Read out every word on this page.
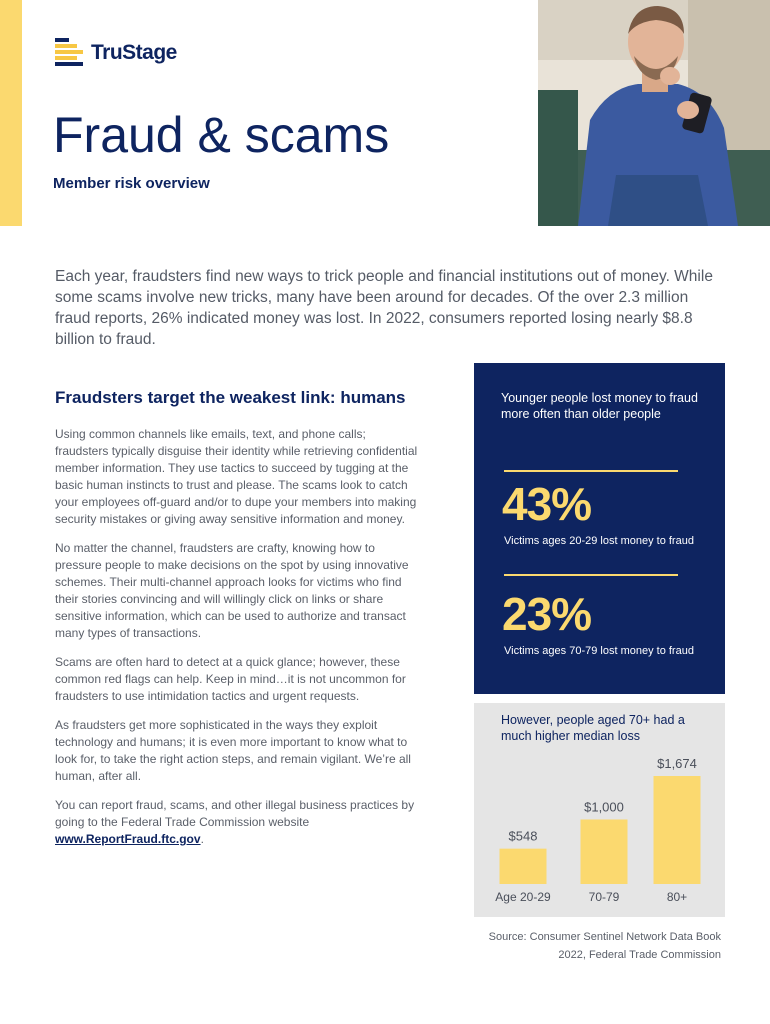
TruStage
Fraud & scams

Member risk overview

Each year, fraudsters find new ways to trick people and financial institutions out of money. While some scams involve new tricks, many have been around for decades. Of the over 2.3 million fraud reports, 26% indicated money was lost. In 2022, consumers reported losing nearly $8.8 billion to fraud.

Fraudsters target the weakest link: humans

Using common channels like emails, text, and phone calls; fraudsters typically disguise their identity while retrieving confidential member information. They use tactics to succeed by tugging at the basic human instincts to trust and please. The scams look to catch your employees off-guard and/or to dupe your members into making security mistakes or giving away sensitive information and money.

No matter the channel, fraudsters are crafty, knowing how to pressure people to make decisions on the spot by using innovative schemes. Their multi-channel approach looks for victims who find their stories convincing and will willingly click on links or share sensitive information, which can be used to authorize and transact many types of transactions.

Scams are often hard to detect at a quick glance; however, these common red flags can help. Keep in mind…it is not uncommon for fraudsters to use intimidation tactics and urgent requests.

As fraudsters get more sophisticated in the ways they exploit technology and humans; it is even more important to know what to look for, to take the right action steps, and remain vigilant. We’re all human, after all.

You can report fraud, scams, and other illegal business practices by going to the Federal Trade Commission website www.ReportFraud.ftc.gov.

Younger people lost money to fraud more often than older people

43%

Victims ages 20-29 lost money to fraud

23%

Victims ages 70-79 lost money to fraud

However, people aged 70+ had a much higher median loss

$548
Age 20-29
$1,000
70-79
$1,674
80+

Source: Consumer Sentinel Network Data Book 2022, Federal Trade Commission
